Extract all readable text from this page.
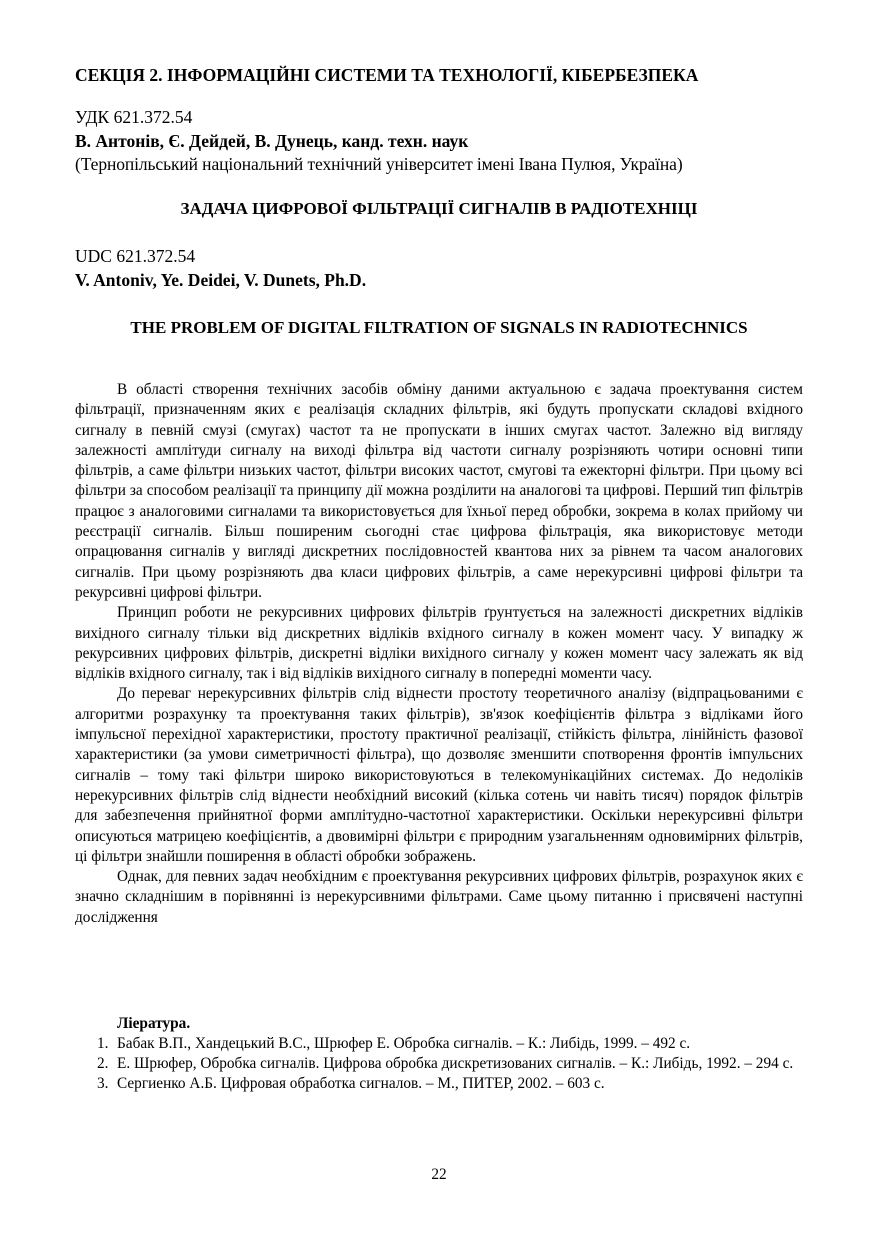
СЕКЦІЯ 2. ІНФОРМАЦІЙНІ СИСТЕМИ ТА ТЕХНОЛОГІЇ, КІБЕРБЕЗПЕКА
УДК 621.372.54
В. Антонів, Є. Дейдей, В. Дунець, канд. техн. наук
(Тернопільський національний технічний університет імені Івана Пулюя, Україна)
ЗАДАЧА ЦИФРОВОЇ ФІЛЬТРАЦІЇ СИГНАЛІВ В РАДІОТЕХНІЦІ
UDC 621.372.54
V. Antoniv, Ye. Deidei, V. Dunets, Ph.D.
THE PROBLEM OF DIGITAL FILTRATION OF SIGNALS IN RADIOTECHNICS

В області створення технічних засобів обміну даними актуальною є задача проектування систем фільтрації, призначенням яких є реалізація складних фільтрів, які будуть пропускати складові вхідного сигналу в певній смузі (смугах) частот та не пропускати в інших смугах частот. Залежно від вигляду залежності амплітуди сигналу на виході фільтра від частоти сигналу розрізняють чотири основні типи фільтрів, а саме фільтри низьких частот, фільтри високих частот, смугові та ежекторні фільтри. При цьому всі фільтри за способом реалізації та принципу дії можна розділити на аналогові та цифрові. Перший тип фільтрів працює з аналоговими сигналами та використовується для їхньої перед обробки, зокрема в колах прийому чи реєстрації сигналів. Більш поширеним сьогодні стає цифрова фільтрація, яка використовує методи опрацювання сигналів у вигляді дискретних послідовностей квантова них за рівнем та часом аналогових сигналів. При цьому розрізняють два класи цифрових фільтрів, а саме нерекурсивні цифрові фільтри та рекурсивні цифрові фільтри.

Принцип роботи не рекурсивних цифрових фільтрів ґрунтується на залежності дискретних відліків вихідного сигналу тільки від дискретних відліків вхідного сигналу в кожен момент часу. У випадку ж рекурсивних цифрових фільтрів, дискретні відліки вихідного сигналу у кожен момент часу залежать як від відліків вхідного сигналу, так і від відліків вихідного сигналу в попередні моменти часу.

До переваг нерекурсивних фільтрів слід віднести простоту теоретичного аналізу (відпрацьованими є алгоритми розрахунку та проектування таких фільтрів), зв'язок коефіцієнтів фільтра з відліками його імпульсної перехідної характеристики, простоту практичної реалізації, стійкість фільтра, лінійність фазової характеристики (за умови симетричності фільтра), що дозволяє зменшити спотворення фронтів імпульсних сигналів – тому такі фільтри широко використовуються в телекомунікаційних системах. До недоліків нерекурсивних фільтрів слід віднести необхідний високий (кілька сотень чи навіть тисяч) порядок фільтрів для забезпечення прийнятної форми амплітудно-частотної характеристики. Оскільки нерекурсивні фільтри описуються матрицею коефіцієнтів, а двовимірні фільтри є природним узагальненням одновимірних фільтрів, ці фільтри знайшли поширення в області обробки зображень.

Однак, для певних задач необхідним є проектування рекурсивних цифрових фільтрів, розрахунок яких є значно складнішим в порівнянні із нерекурсивними фільтрами. Саме цьому питанню і присвячені наступні дослідження

Ліература.

1. Бабак В.П., Хандецький В.С., Шрюфер Е. Обробка сигналів. – К.: Либідь, 1999. – 492 с.
2. Е. Шрюфер, Обробка сигналів. Цифрова обробка дискретизованих сигналів. – К.: Либідь, 1992. – 294 с.
3. Сергиенко А.Б. Цифровая обработка сигналов. – М., ПИТЕР, 2002. – 603 с.
22
